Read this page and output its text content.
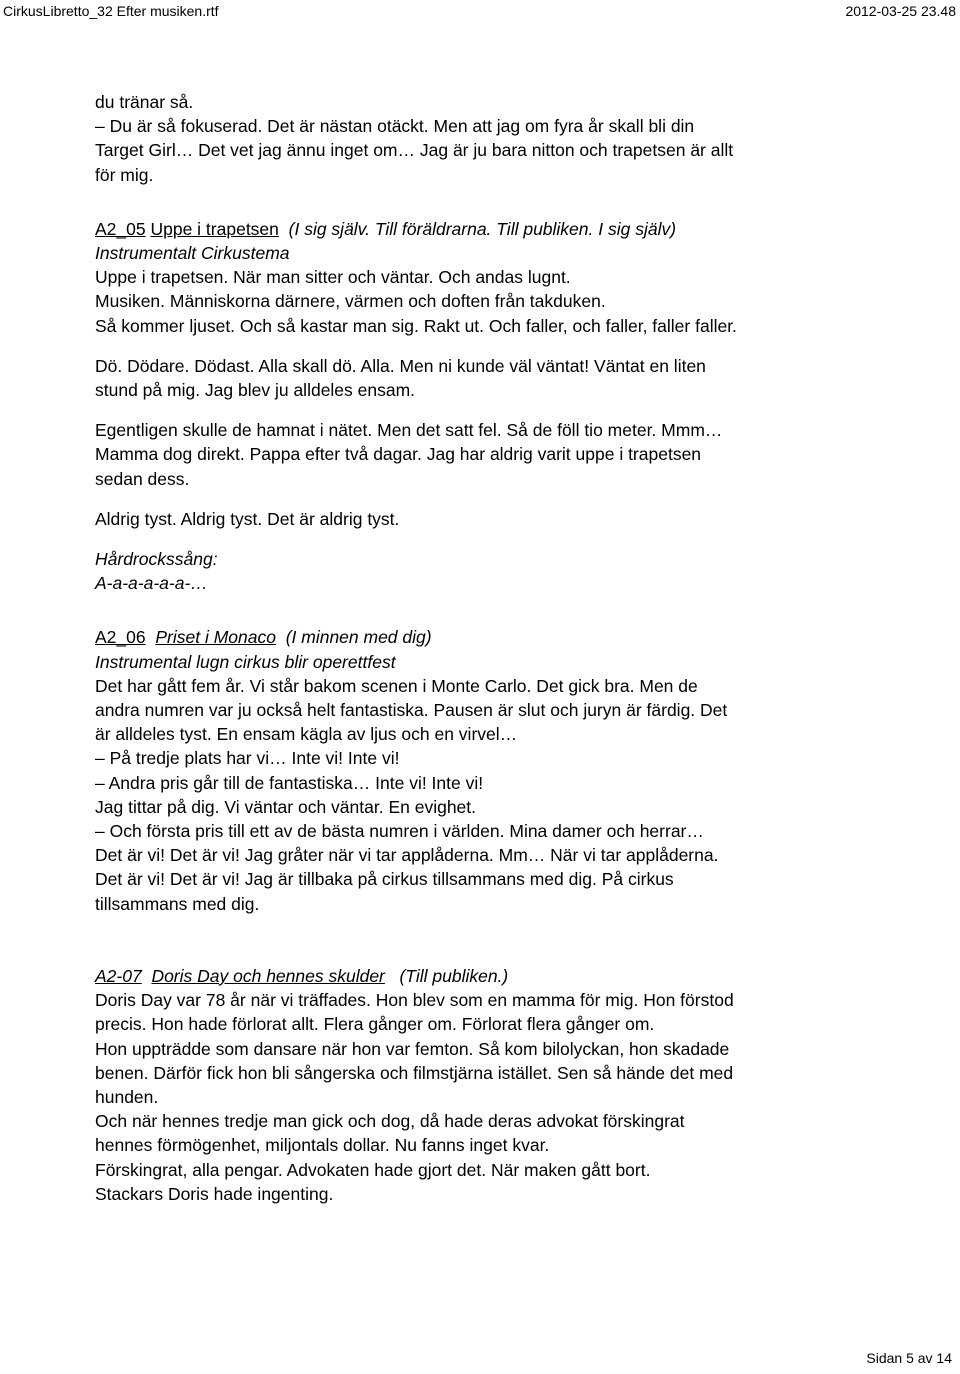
CirkusLibretto_32 Efter musiken.rtf	2012-03-25 23.48
du tränar så.
– Du är så fokuserad. Det är nästan otäckt. Men att jag om fyra år skall bli din
Target Girl… Det vet jag ännu inget om… Jag är ju bara nitton och trapetsen är allt
för mig.
A2_05 Uppe i trapetsen (I sig själv. Till föräldrarna. Till publiken. I sig själv)
Instrumentalt Cirkustema
Uppe i trapetsen. När man sitter och väntar. Och andas lugnt.
Musiken. Människorna därnere, värmen och doften från takduken.
Så kommer ljuset. Och så kastar man sig. Rakt ut. Och faller, och faller, faller faller.
Dö. Dödare. Dödast. Alla skall dö. Alla. Men ni kunde väl väntat! Väntat en liten
stund på mig. Jag blev ju alldeles ensam.
Egentligen skulle de hamnat i nätet. Men det satt fel. Så de föll tio meter. Mmm…
Mamma dog direkt. Pappa efter två dagar. Jag har aldrig varit uppe i trapetsen
sedan dess.
Aldrig tyst. Aldrig tyst. Det är aldrig tyst.
Hårdrockssång:
A-a-a-a-a-a-…
A2_06 Priset i Monaco (I minnen med dig)
Instrumental lugn cirkus blir operettfest
Det har gått fem år. Vi står bakom scenen i Monte Carlo. Det gick bra. Men de
andra numren var ju också helt fantastiska. Pausen är slut och juryn är färdig. Det
är alldeles tyst. En ensam kägla av ljus och en virvel…
– På tredje plats har vi… Inte vi! Inte vi!
– Andra pris går till de fantastiska… Inte vi! Inte vi!
Jag tittar på dig. Vi väntar och väntar. En evighet.
– Och första pris till ett av de bästa numren i världen. Mina damer och herrar…
Det är vi! Det är vi! Jag gråter när vi tar applåderna. Mm… När vi tar applåderna.
Det är vi! Det är vi! Jag är tillbaka på cirkus tillsammans med dig. På cirkus
tillsammans med dig.
A2-07 Doris Day och hennes skulder (Till publiken.)
Doris Day var 78 år när vi träffades. Hon blev som en mamma för mig. Hon förstod
precis. Hon hade förlorat allt. Flera gånger om. Förlorat flera gånger om.
Hon uppträdde som dansare när hon var femton. Så kom bilolyckan, hon skadade
benen. Därför fick hon bli sångerska och filmstjärna istället. Sen så hände det med
hunden.
Och när hennes tredje man gick och dog, då hade deras advokat förskingrat
hennes förmögenhet, miljontals dollar. Nu fanns inget kvar.
Förskingrat, alla pengar. Advokaten hade gjort det. När maken gått bort.
Stackars Doris hade ingenting.
Sidan 5 av 14
